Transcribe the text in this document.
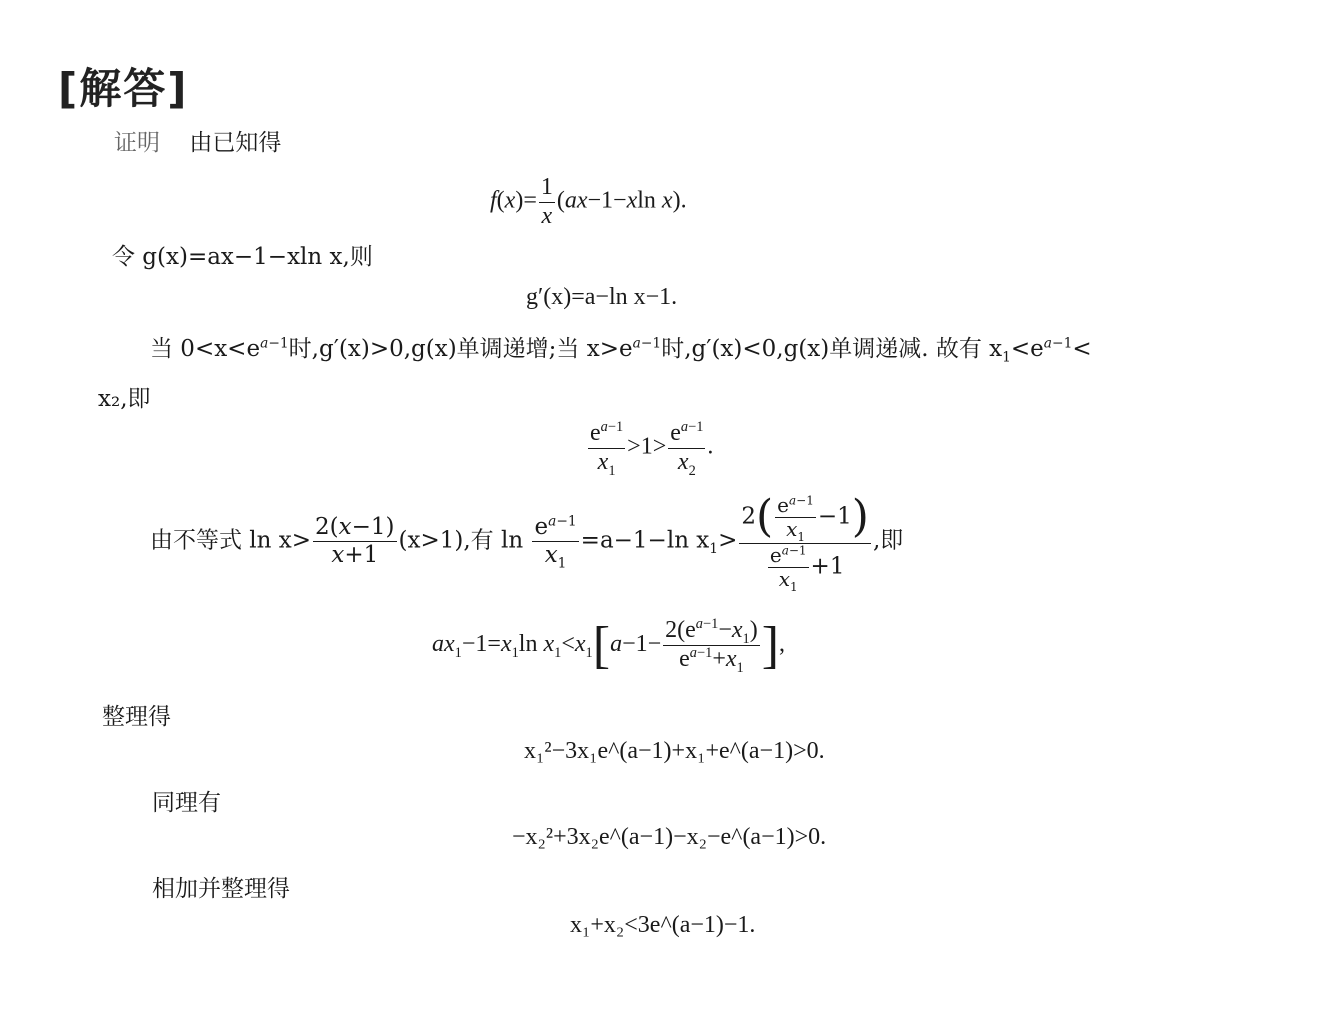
[解答]
证明 由已知得
$f(x)= \frac{1}{x} (ax-1-xln$ x).
令 g(x)=ax−1−xln x,则
g′(x)=a−ln x−1.
当 $0<x<e^{a-1}$时,g′(x)>0,g(x)单调递增;当 $x>e^{a-1}$时,g′(x)<0,g(x)单调递减. 故有 $x_1<e^{a-1}<$
x₂,即
$\frac{e^{a-1}}{x_1} >1> \frac{e^{a-1}}{x_2}$ .
由不等式 $\ln x> \frac{2(x-1)}{x+1} (x>1)$,有 $\ln \frac{e^{a-1}}{x_1} =a-1-\ln$ $x_1> \frac{2( \frac{e^{a-1}}{x_1} -1)}{\frac{e^{a-1}}{x_1} +1}$ ,即
$ax_1-1=x_1\ln$ $x_1<x_1[a-1- \frac{2(e^{a-1}-x_1)}{e^{a-1}+x_1}$ ],
整理得
x₁²−3x₁e^(a−1)+x₁+e^(a−1)>0.
同理有
−x₂²+3x₂e^(a−1)−x₂−e^(a−1)>0.
相加并整理得
x₁+x₂<3e^(a−1)−1.
